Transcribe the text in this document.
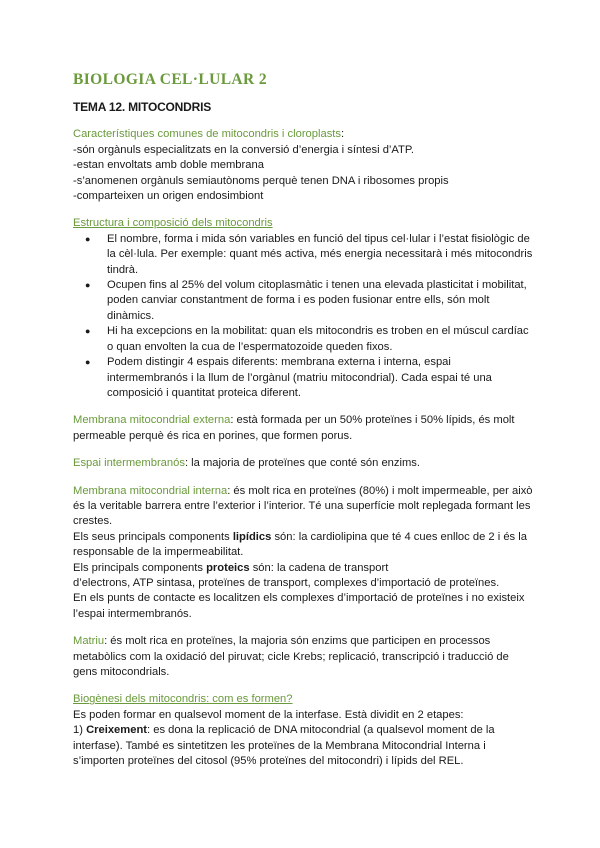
BIOLOGIA CEL·LULAR 2
TEMA 12. MITOCONDRIS

Característiques comunes de mitocondris i cloroplasts:

-són orgànuls especialitzats en la conversió d’energia i síntesi d’ATP.

-estan envoltats amb doble membrana

-s’anomenen orgànuls semiautònoms perquè tenen DNA i ribosomes propis

-comparteixen un origen endosimbiont

Estructura i composició dels mitocondris

● El nombre, forma i mida són variables en funció del tipus cel·lular i l’estat fisiològic de la cèl·lula. Per exemple: quant més activa, més energia necessitarà i més mitocondris tindrà.
● Ocupen fins al 25% del volum citoplasmàtic i tenen una elevada plasticitat i mobilitat, poden canviar constantment de forma i es poden fusionar entre ells, són molt dinàmics.
● Hi ha excepcions en la mobilitat: quan els mitocondris es troben en el múscul cardíac o quan envolten la cua de l’espermatozoide queden fixos.
● Podem distingir 4 espais diferents: membrana externa i interna, espai intermembranós i la llum de l’orgànul (matriu mitocondrial). Cada espai té una composició i quantitat proteica diferent.

Membrana mitocondrial externa: està formada per un 50% proteïnes i 50% lípids, és molt permeable perquè és rica en porines, que formen porus.

Espai intermembranós: la majoria de proteïnes que conté són enzims.

Membrana mitocondrial interna: és molt rica en proteïnes (80%) i molt impermeable, per això és la veritable barrera entre l’exterior i l’interior. Té una superfície molt replegada formant les crestes.

Els seus principals components lipídics són: la cardiolipina que té 4 cues enlloc de 2 i és la responsable de la impermeabilitat.

Els principals components proteics són: la cadena de transport

d’electrons, ATP sintasa, proteïnes de transport, complexes d’importació de proteïnes.

En els punts de contacte es localitzen els complexes d’importació de proteïnes i no existeix l’espai intermembranós.

Matriu: és molt rica en proteïnes, la majoria són enzims que participen en processos metabòlics com la oxidació del piruvat; cicle Krebs; replicació, transcripció i traducció de gens mitocondrials.

Biogènesi dels mitocondris: com es formen?

Es poden formar en qualsevol moment de la interfase. Està dividit en 2 etapes:

1) Creixement: es dona la replicació de DNA mitocondrial (a qualsevol moment de la interfase). També es sintetitzen les proteïnes de la Membrana Mitocondrial Interna i s’importen proteïnes del citosol (95% proteïnes del mitocondri) i lípids del REL.
